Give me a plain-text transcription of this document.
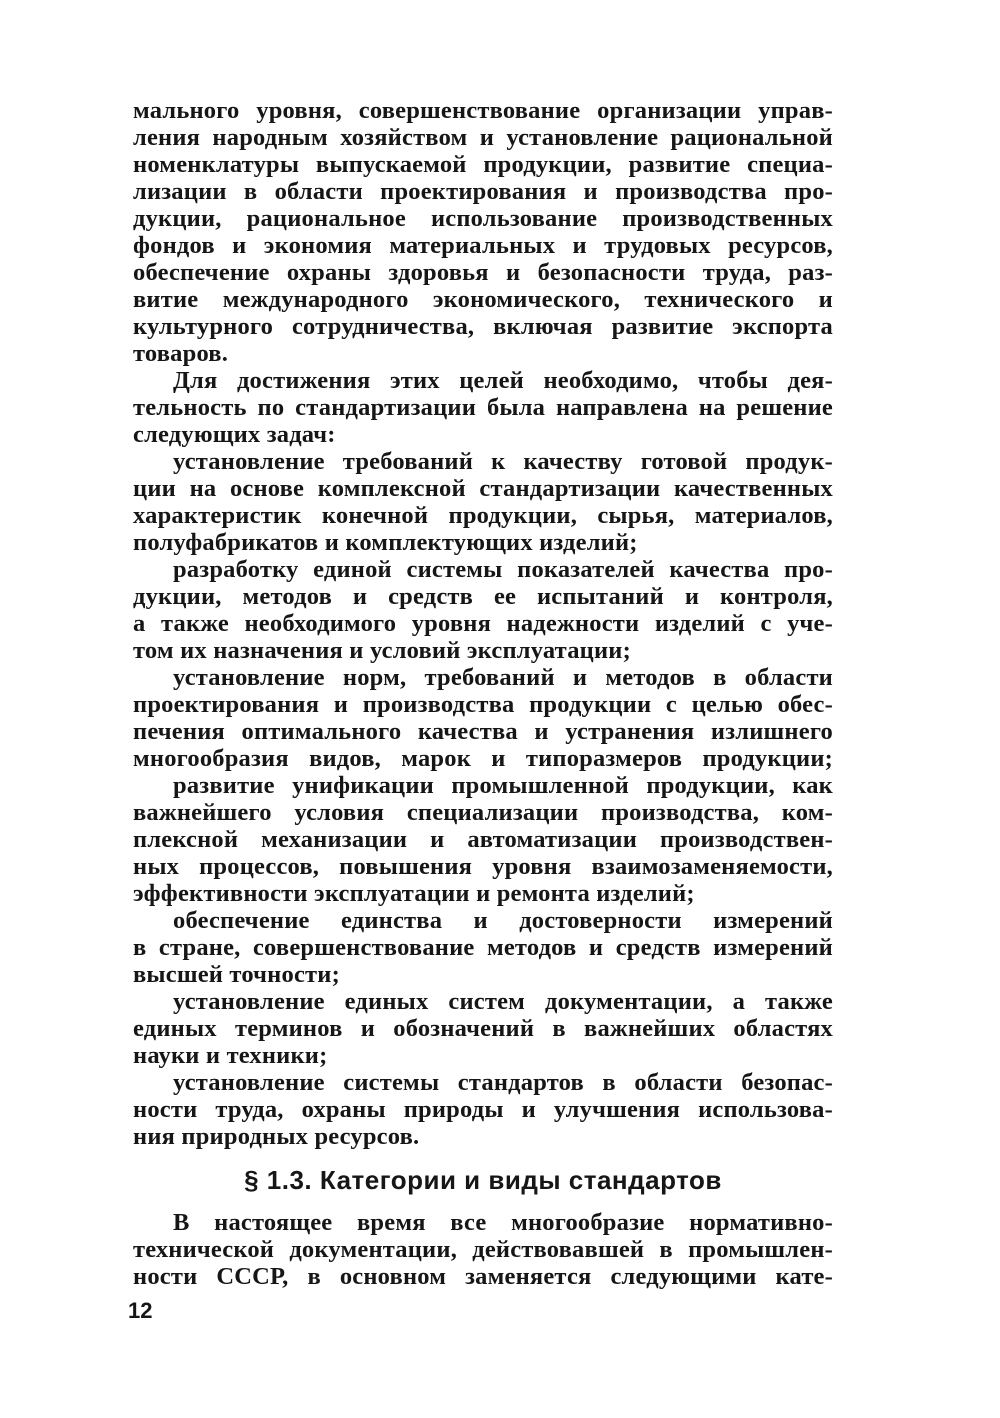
мального уровня, совершенствование организации управ-
ления народным хозяйством и установление рациональной
номенклатуры выпускаемой продукции, развитие специа-
лизации в области проектирования и производства про-
дукции, рациональное использование производственных
фондов и экономия материальных и трудовых ресурсов,
обеспечение охраны здоровья и безопасности труда, раз-
витие международного экономического, технического и
культурного сотрудничества, включая развитие экспорта
товаров.
Для достижения этих целей необходимо, чтобы дея-
тельность по стандартизации была направлена на решение
следующих задач:
установление требований к качеству готовой продук-
ции на основе комплексной стандартизации качественных
характеристик конечной продукции, сырья, материалов,
полуфабрикатов и комплектующих изделий;
разработку единой системы показателей качества про-
дукции, методов и средств ее испытаний и контроля,
а также необходимого уровня надежности изделий с уче-
том их назначения и условий эксплуатации;
установление норм, требований и методов в области
проектирования и производства продукции с целью обес-
печения оптимального качества и устранения излишнего
многообразия видов, марок и типоразмеров продукции;
развитие унификации промышленной продукции, как
важнейшего условия специализации производства, ком-
плексной механизации и автоматизации производствен-
ных процессов, повышения уровня взаимозаменяемости,
эффективности эксплуатации и ремонта изделий;
обеспечение единства и достоверности измерений
в стране, совершенствование методов и средств измерений
высшей точности;
установление единых систем документации, а также
единых терминов и обозначений в важнейших областях
науки и техники;
установление системы стандартов в области безопас-
ности труда, охраны природы и улучшения использова-
ния природных ресурсов.
§ 1.3. Категории и виды стандартов
В настоящее время все многообразие нормативно-
технической документации, действовавшей в промышлен-
ности СССР, в основном заменяется следующими кате-
12
